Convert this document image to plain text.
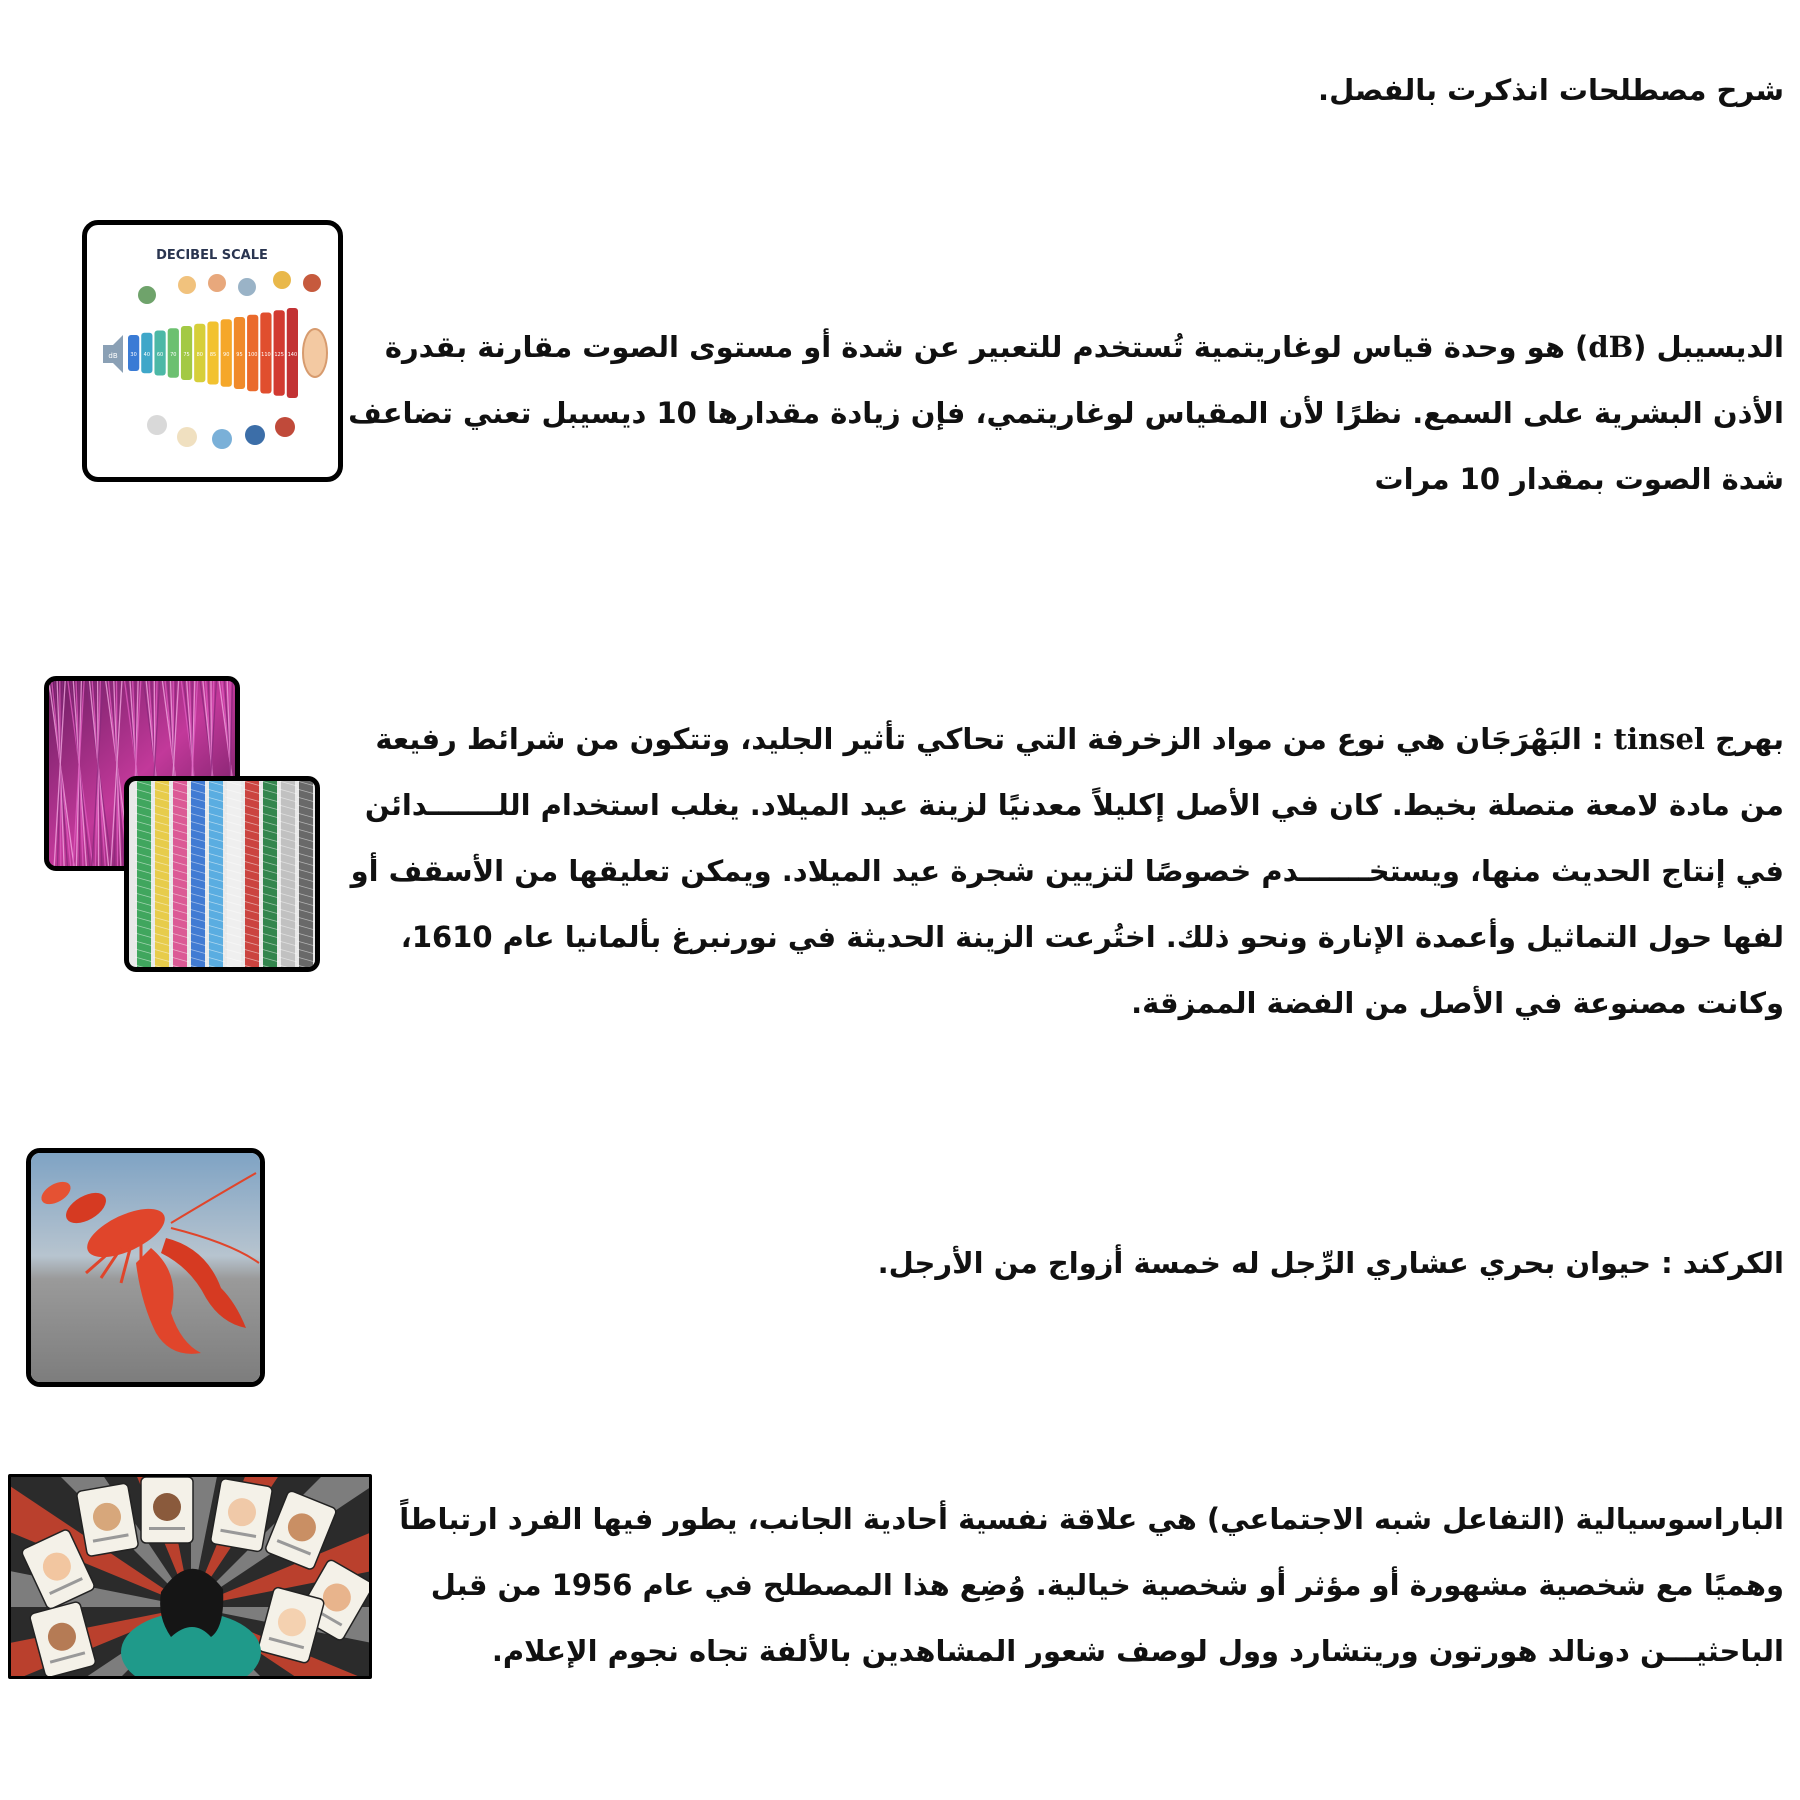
شرح مصطلحات انذكرت بالفصل.

الديسيبل (dB) هو وحدة قياس لوغاريتمية تُستخدم للتعبير عن شدة أو مستوى الصوت مقارنة بقدرة الأذن البشرية على السمع. نظرًا لأن المقياس لوغاريتمي، فإن زيادة مقدارها 10 ديسيبل تعني تضاعف شدة الصوت بمقدار 10 مرات

DECIBEL SCALE
30 40 60 70 75 80 85 90 95 100 110 125 140
dB

بهرج tinsel : البَهْرَجَان هي نوع من مواد الزخرفة التي تحاكي تأثير الجليد، وتتكون من شرائط رفيعة من مادة لامعة متصلة بخيط. كان في الأصل إكليلاً معدنيًا لزينة عيد الميلاد. يغلب استخدام اللـــــــدائن في إنتاج الحديث منها، ويستخـــــــدم خصوصًا لتزيين شجرة عيد الميلاد. ويمكن تعليقها من الأسقف أو لفها حول التماثيل وأعمدة الإنارة ونحو ذلك. اختُرعت الزينة الحديثة في نورنبرغ بألمانيا عام 1610، وكانت مصنوعة في الأصل من الفضة الممزقة.

الكركند : حيوان بحري عشاري الرِّجل له خمسة أزواج من الأرجل.

الباراسوسيالية (التفاعل شبه الاجتماعي) هي علاقة نفسية أحادية الجانب، يطور فيها الفرد ارتباطاً وهميًا مع شخصية مشهورة أو مؤثر أو شخصية خيالية. وُضِع هذا المصطلح في عام 1956 من قبل الباحثيـــن دونالد هورتون وريتشارد وول لوصف شعور المشاهدين بالألفة تجاه نجوم الإعلام.
